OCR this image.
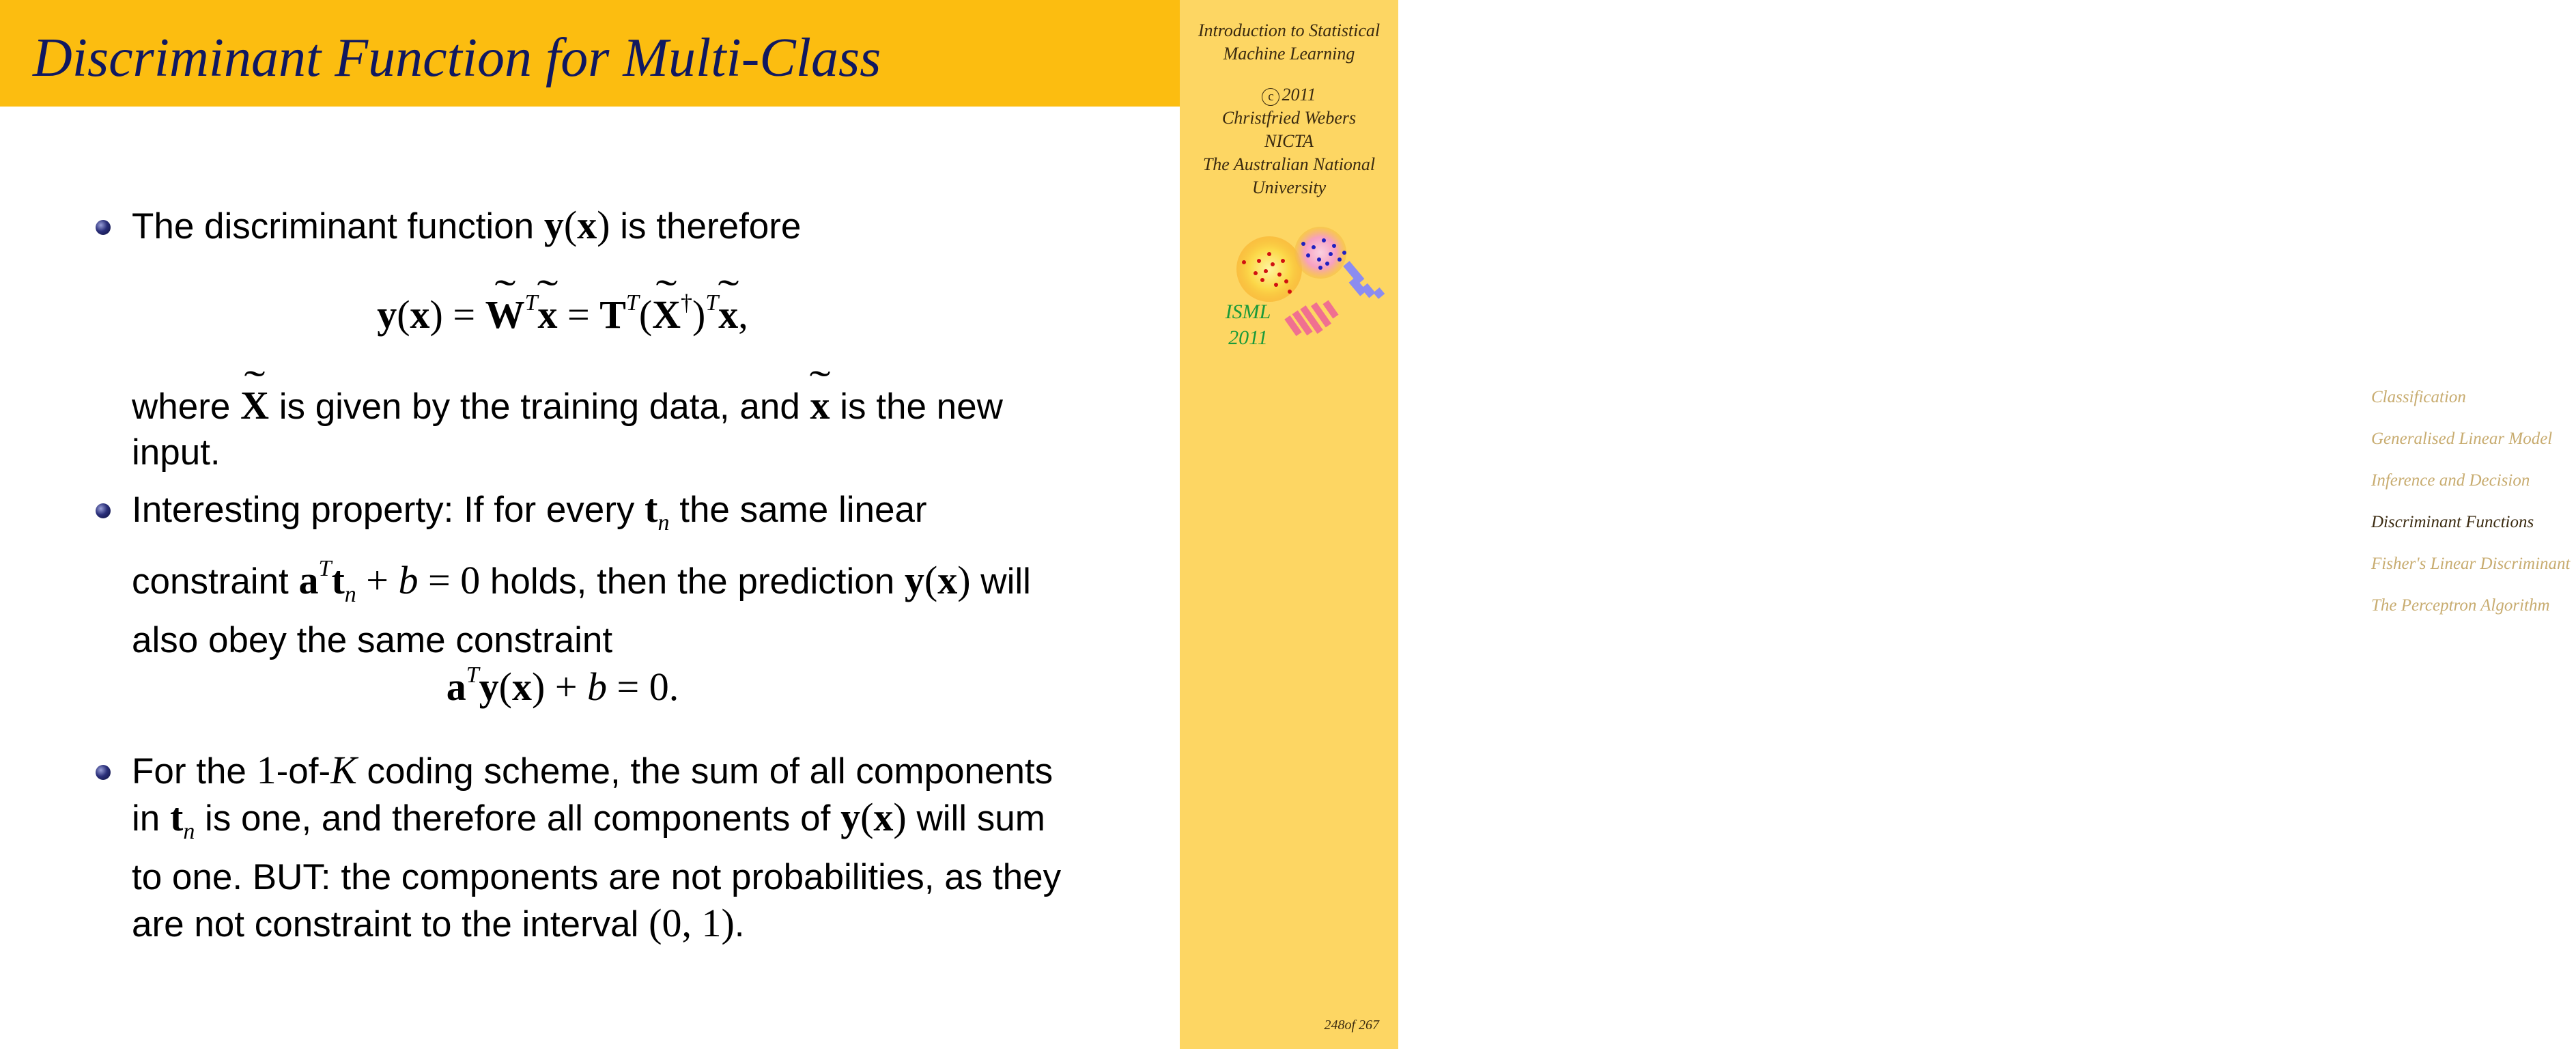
Discriminant Function for Multi-Class	Introduction to Statistical
Machine Learning
c 2011
Christfried Webers
NICTA
The Australian National
University
Classification
Generalised Linear Model
Inference and Decision
Discriminant Functions
Fisher's Linear Discriminant
The Perceptron Algorithm
248of 267
ISML
2011
The discriminant function y(x) is therefore
y(x) = ˜ WT˜ x = TT(˜ X†)T˜ x,
where ˜ X is given by the training data, and ˜ x is the new
input.
Interesting property: If for every $t_n$ the same linear
constraint $a^Tt_n + b = 0$ holds, then the prediction y(x) will
also obey the same constraint
aTy(x) + b = 0.
For the 1-of-K coding scheme, the sum of all components
in $t_n$ is one, and therefore all components of y(x) will sum
to one. BUT: the components are not probabilities, as they
are not constraint to the interval (0, 1).
